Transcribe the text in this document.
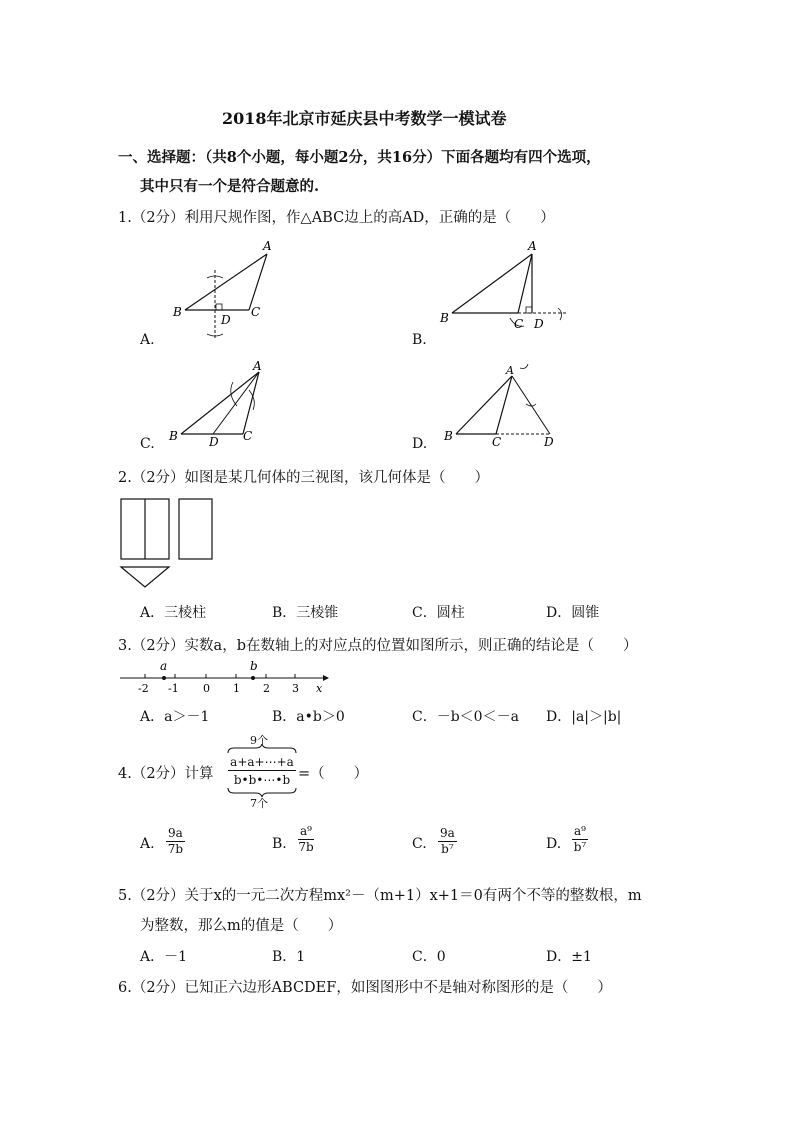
2018年北京市延庆县中考数学一模试卷
一、选择题：（共8个小题，每小题2分，共16分）下面各题均有四个选项，
其中只有一个是符合题意的.
1.（2分）利用尺规作图，作△ABC边上的高AD，正确的是（　　）
A
B	C
D
A.
A
B	C D
B.
A
B	C
D
C.
A
B	C	D
D.
2.（2分）如图是某几何体的三视图，该几何体是（　　）
A．三棱柱	B．三棱锥	C．圆柱	D．圆锥
3.（2分）实数a，b在数轴上的对应点的位置如图所示，则正确的结论是（　　）
a	b
-2 -1 0 1 2 3 x
A．a＞－1	B．a•b＞0	C．－b＜0＜－a D．|a|＞|b|
4.（2分）计算
9个
a+a+⋯+a
b•b•⋯•b
7个
=（　　）
A. $\frac{9a}{7b}$	B. $\frac{\text{a⁹}}{7b}$	C. $\frac{9a}{\text{b⁷}}$	D. $\frac{\text{a⁹}}{\text{b⁷}}$
5.（2分）关于x的一元二次方程mx²－（m+1）x+1＝0有两个不等的整数根，m
为整数，那么m的值是（　　）
A．－1	B．1	C．0	D．±1
6.（2分）已知正六边形ABCDEF，如图图形中不是轴对称图形的是（　　）
